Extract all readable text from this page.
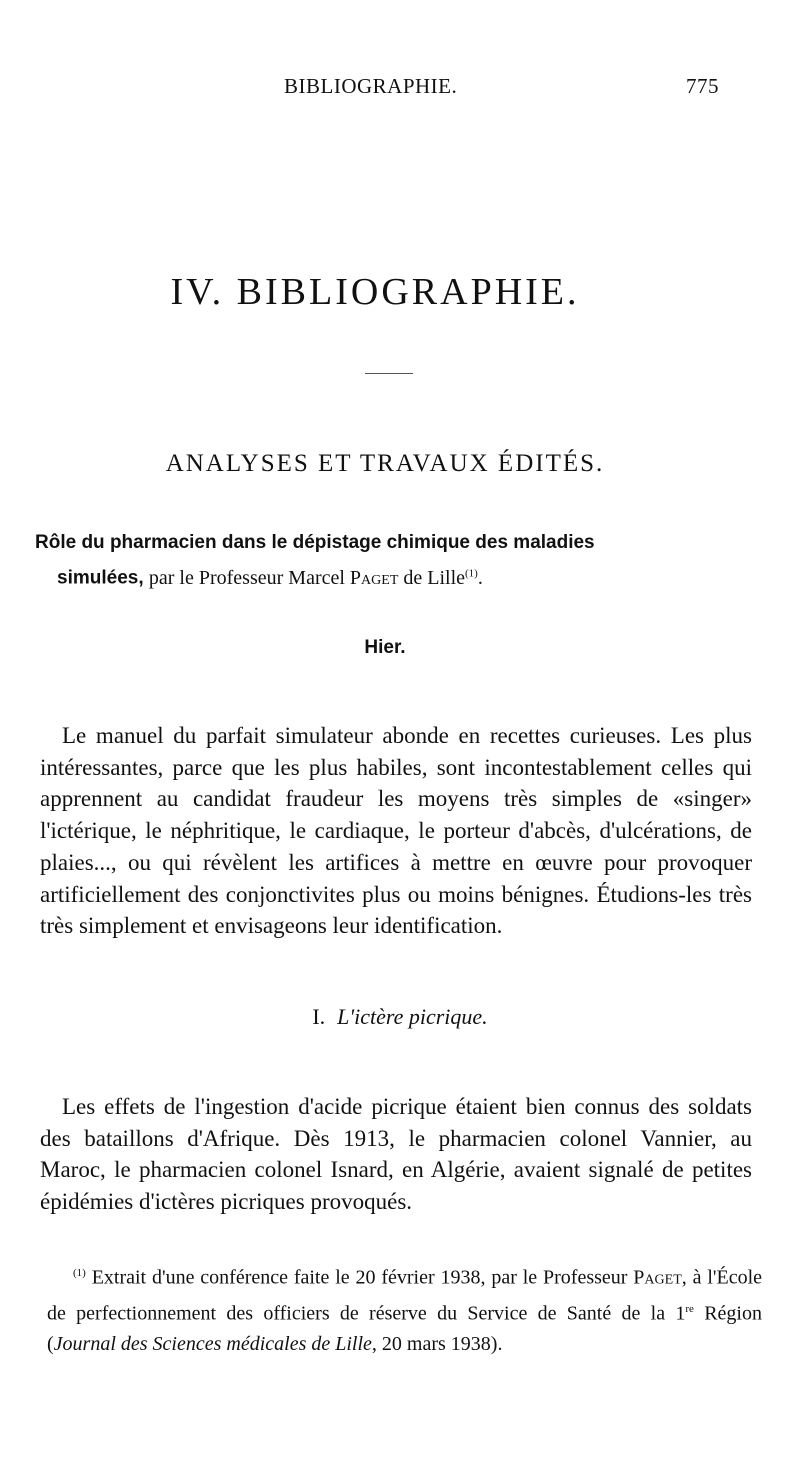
BIBLIOGRAPHIE.	775
IV. BIBLIOGRAPHIE.
ANALYSES ET TRAVAUX ÉDITÉS.
Rôle du pharmacien dans le dépistage chimique des maladies
simulées, par le Professeur Marcel Paget de Lille$^{(1)}$.
Hier.

Le manuel du parfait simulateur abonde en recettes curieuses. Les plus intéressantes, parce que les plus habiles, sont incontestablement celles qui apprennent au candidat fraudeur les moyens très simples de «singer» l'ictérique, le néphritique, le cardiaque, le porteur d'abcès, d'ulcérations, de plaies..., ou qui révèlent les artifices à mettre en œuvre pour provoquer artificiellement des conjonctivites plus ou moins bénignes. Étudions-les très très simplement et envisageons leur identification.

I. L'ictère picrique.

Les effets de l'ingestion d'acide picrique étaient bien connus des soldats des bataillons d'Afrique. Dès 1913, le pharmacien colonel Vannier, au Maroc, le pharmacien colonel Isnard, en Algérie, avaient signalé de petites épidémies d'ictères picriques provoqués.

$^{(1)}$ Extrait d'une conférence faite le 20 février 1938, par le Professeur Paget, à l'École de perfectionnement des officiers de réserve du Service de Santé de la 1re Région (Journal des Sciences médicales de Lille, 20 mars 1938).
